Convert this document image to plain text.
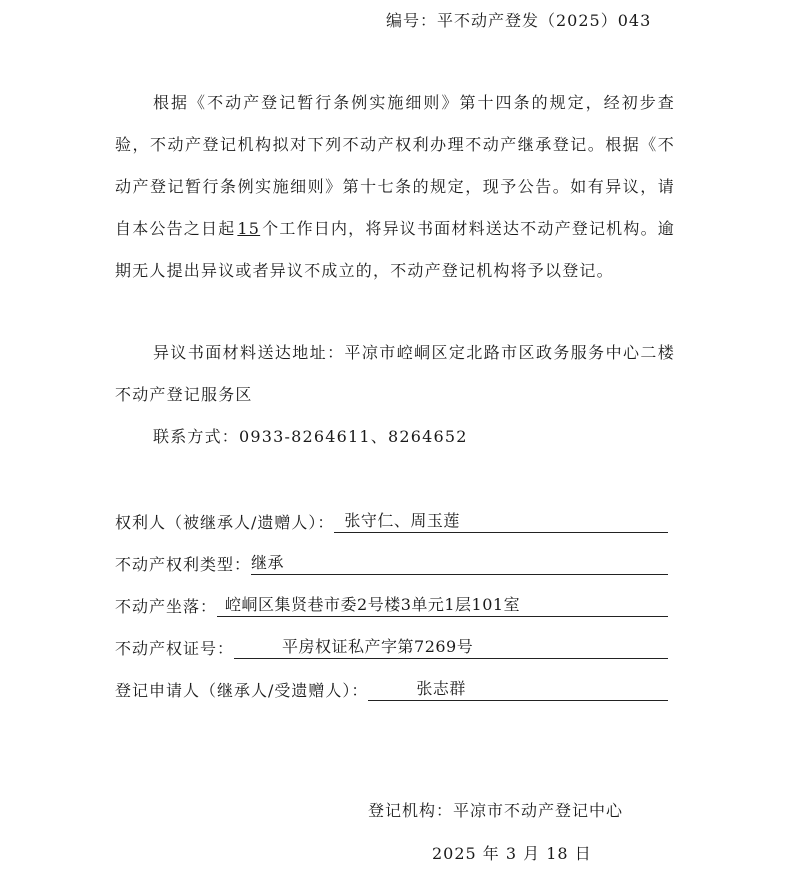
编号：平不动产登发（2025）043
根据《不动产登记暂行条例实施细则》第十四条的规定，经初步查验，不动产登记机构拟对下列不动产权利办理不动产继承登记。根据《不动产登记暂行条例实施细则》第十七条的规定，现予公告。如有异议，请自本公告之日起 15 个工作日内，将异议书面材料送达不动产登记机构。逾期无人提出异议或者异议不成立的，不动产登记机构将予以登记。
异议书面材料送达地址：平凉市崆峒区定北路市区政务服务中心二楼不动产登记服务区
联系方式：0933-8264611、8264652
权利人（被继承人/遗赠人）： 张守仁、周玉莲
不动产权利类型： 继承
不动产坐落： 崆峒区集贤巷市委2号楼3单元1层101室
不动产权证号：	平房权证私产字第7269号
登记申请人（继承人/受遗赠人）：	张志群
登记机构：平凉市不动产登记中心
2025 年 3 月 18 日
